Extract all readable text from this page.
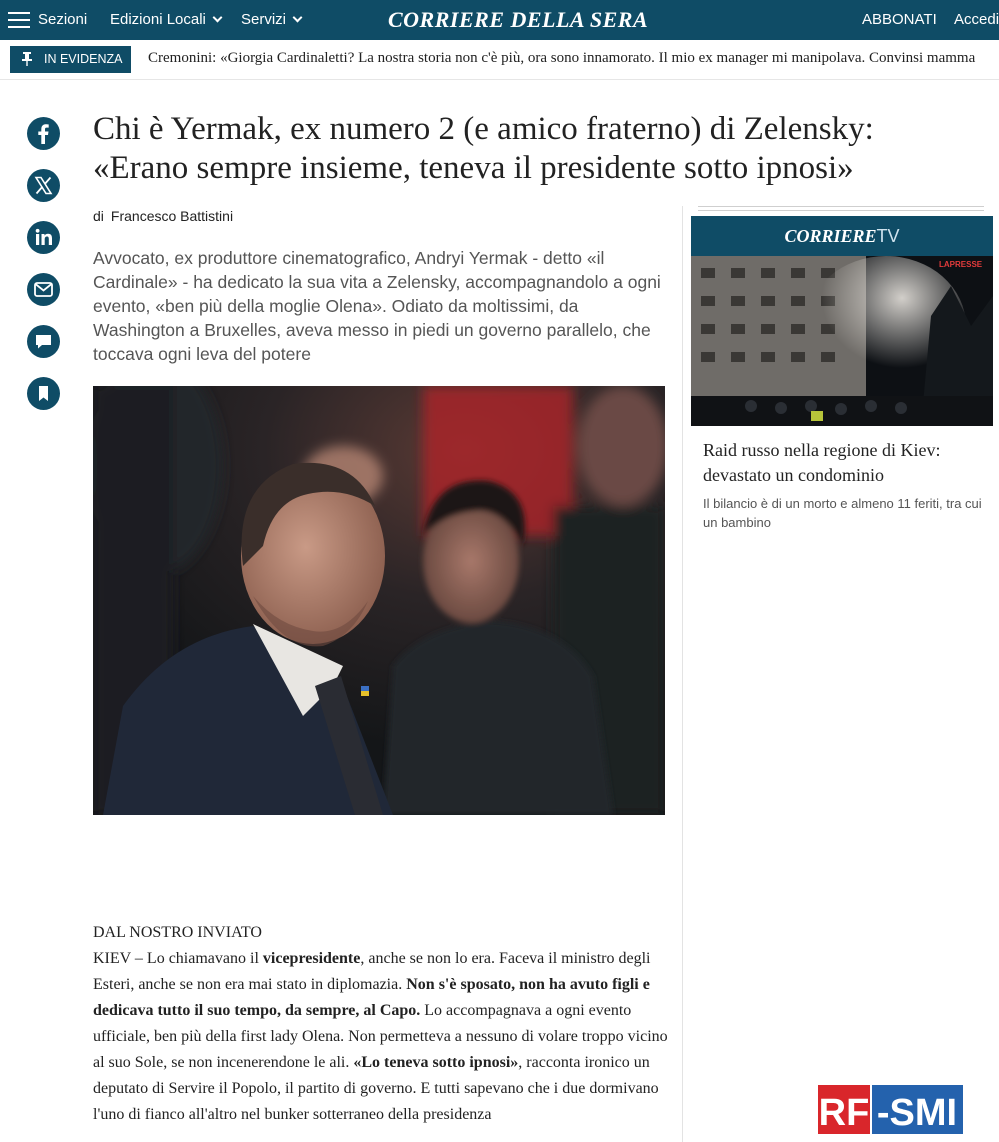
Sezioni Edizioni Locali	Servizi	CORRIERE DELLA SERA	ABBONATI Accedi
IN EVIDENZA	Cremonini: «Giorgia Cardinaletti? La nostra storia non c'è più, ora sono innamorato. Il mio ex manager mi manipolava. Convinsi mamma
Chi è Yermak, ex numero 2 (e amico fraterno) di Zelensky: «Erano sempre insieme, teneva il presidente sotto ipnosi»
di Francesco Battistini

Avvocato, ex produttore cinematografico, Andryi Yermak - detto «il Cardinale» - ha dedicato la sua vita a Zelensky, accompagnandolo a ogni evento, «ben più della moglie Olena». Odiato da moltissimi, da Washington a Bruxelles, aveva messo in piedi un governo parallelo, che toccava ogni leva del potere

DAL NOSTRO INVIATO

KIEV – Lo chiamavano il vicepresidente, anche se non lo era. Faceva il ministro degli Esteri, anche se non era mai stato in diplomazia. Non s'è sposato, non ha avuto figli e dedicava tutto il suo tempo, da sempre, al Capo. Lo accompagnava a ogni evento ufficiale, ben più della first lady Olena. Non permetteva a nessuno di volare troppo vicino al suo Sole, se non incenerendone le ali. «Lo teneva sotto ipnosi», racconta ironico un deputato di Servire il Popolo, il partito di governo. E tutti sapevano che i due dormivano l'uno di fianco all'altro nel bunker sotterraneo della presidenza

CORRIERETV
LAPRESSE
Raid russo nella regione di Kiev: devastato un condominio
Il bilancio è di un morto e almeno 11 feriti, tra cui un bambino
RF -SMI
